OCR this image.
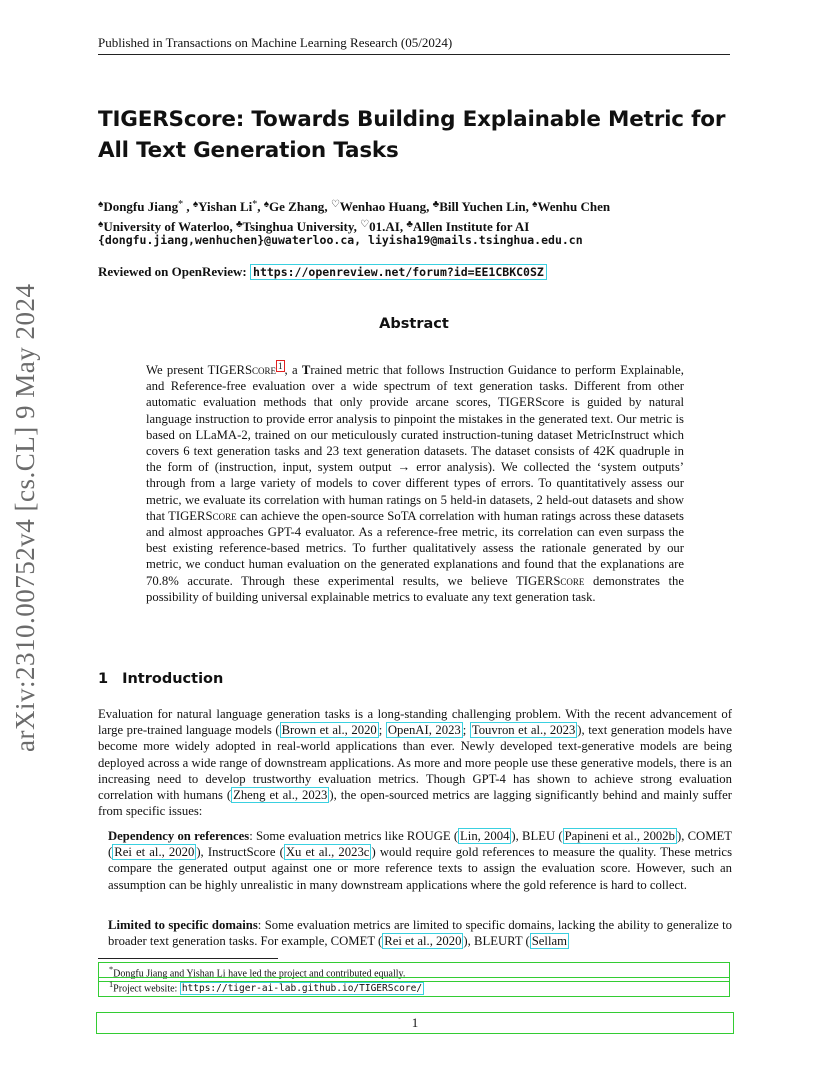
Published in Transactions on Machine Learning Research (05/2024)
TIGERScore: Towards Building Explainable Metric for All Text Generation Tasks
♠Dongfu Jiang* , ♠Yishan Li*, ♠Ge Zhang, ♡Wenhao Huang, ♣Bill Yuchen Lin, ♠Wenhu Chen
♠University of Waterloo, ♣Tsinghua University, ♡01.AI, ♣Allen Institute for AI
{dongfu.jiang,wenhuchen}@uwaterloo.ca, liyisha19@mails.tsinghua.edu.cn
Reviewed on OpenReview: https://openreview.net/forum?id=EE1CBKC0SZ
arXiv:2310.00752v4 [cs.CL] 9 May 2024	Abstract
We present TIGERScore $^1$ , a Trained metric that follows Instruction Guidance to perform Explainable, and Reference-free evaluation over a wide spectrum of text generation tasks. Different from other automatic evaluation methods that only provide arcane scores, TIGERScore is guided by natural language instruction to provide error analysis to pinpoint the mistakes in the generated text. Our metric is based on LLaMA-2, trained on our meticulously curated instruction-tuning dataset MetricInstruct which covers 6 text generation tasks and 23 text generation datasets. The dataset consists of 42K quadruple in the form of (instruction, input, system output → error analysis). We collected the ‘system outputs’ through from a large variety of models to cover different types of errors. To quantitatively assess our metric, we evaluate its correlation with human ratings on 5 held-in datasets, 2 held-out datasets and show that TIGERScore can achieve the open-source SoTA correlation with human ratings across these datasets and almost approaches GPT-4 evaluator. As a reference-free metric, its correlation can even surpass the best existing reference-based metrics. To further qualitatively assess the rationale generated by our metric, we conduct human evaluation on the generated explanations and found that the explanations are 70.8% accurate. Through these experimental results, we believe TIGERScore demonstrates the possibility of building universal explainable metrics to evaluate any text generation task.
1 Introduction
Evaluation for natural language generation tasks is a long-standing challenging problem. With the recent advancement of large pre-trained language models ( Brown et al., 2020 ; OpenAI, 2023 ; Touvron et al., 2023 ), text generation models have become more widely adopted in real-world applications than ever. Newly developed text-generative models are being deployed across a wide range of downstream applications. As more and more people use these generative models, there is an increasing need to develop trustworthy evaluation metrics. Though GPT-4 has shown to achieve strong evaluation correlation with humans ( Zheng et al., 2023 ), the open-sourced metrics are lagging significantly behind and mainly suffer from specific issues:
Dependency on references: Some evaluation metrics like ROUGE ( Lin, 2004 ), BLEU ( Papineni et al., 2002b ), COMET ( Rei et al., 2020 ), InstructScore ( Xu et al., 2023c ) would require gold references to measure the quality. These metrics compare the generated output against one or more reference texts to assign the evaluation score. However, such an assumption can be highly unrealistic in many downstream applications where the gold reference is hard to collect.
Limited to specific domains: Some evaluation metrics are limited to specific domains, lacking the ability to generalize to broader text generation tasks. For example, COMET ( Rei et al., 2020 ), BLEURT ( Sellam
*Dongfu Jiang and Yishan Li have led the project and contributed equally.
$^1$Project website: https://tiger-ai-lab.github.io/TIGERScore/
1
